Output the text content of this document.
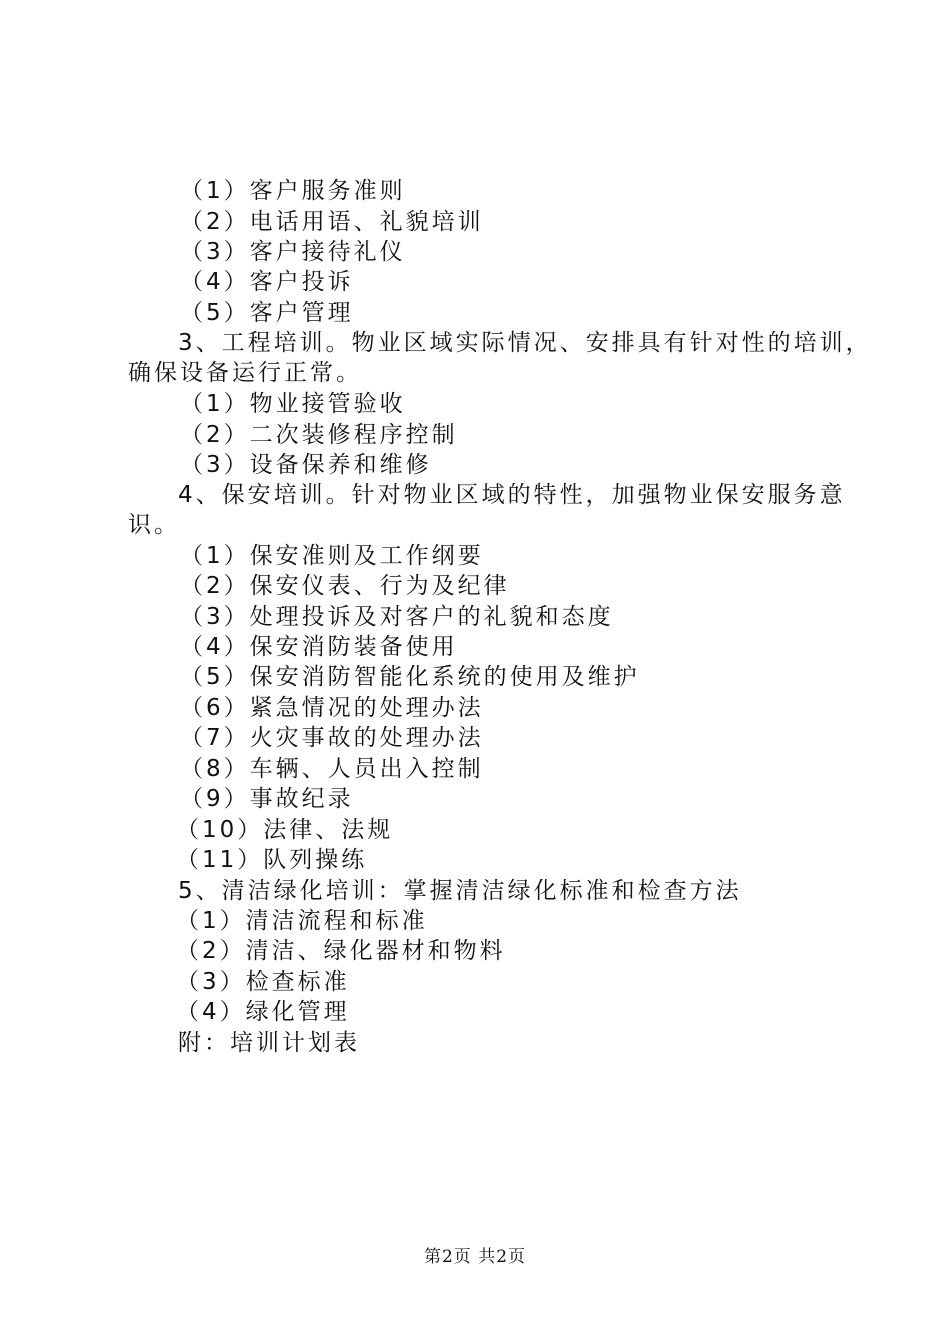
（1）客户服务准则
（2）电话用语、礼貌培训
（3）客户接待礼仪
（4）客户投诉
（5）客户管理
3、工程培训。物业区域实际情况、安排具有针对性的培训，
确保设备运行正常。
（1）物业接管验收
（2）二次装修程序控制
（3）设备保养和维修
4、保安培训。针对物业区域的特性，加强物业保安服务意
识。
（1）保安准则及工作纲要
（2）保安仪表、行为及纪律
（3）处理投诉及对客户的礼貌和态度
（4）保安消防装备使用
（5）保安消防智能化系统的使用及维护
（6）紧急情况的处理办法
（7）火灾事故的处理办法
（8）车辆、人员出入控制
（9）事故纪录
（10）法律、法规
（11）队列操练
5、清洁绿化培训：掌握清洁绿化标准和检查方法
（1）清洁流程和标准
（2）清洁、绿化器材和物料
（3）检查标准
（4）绿化管理
附：培训计划表
第2页 共2页
